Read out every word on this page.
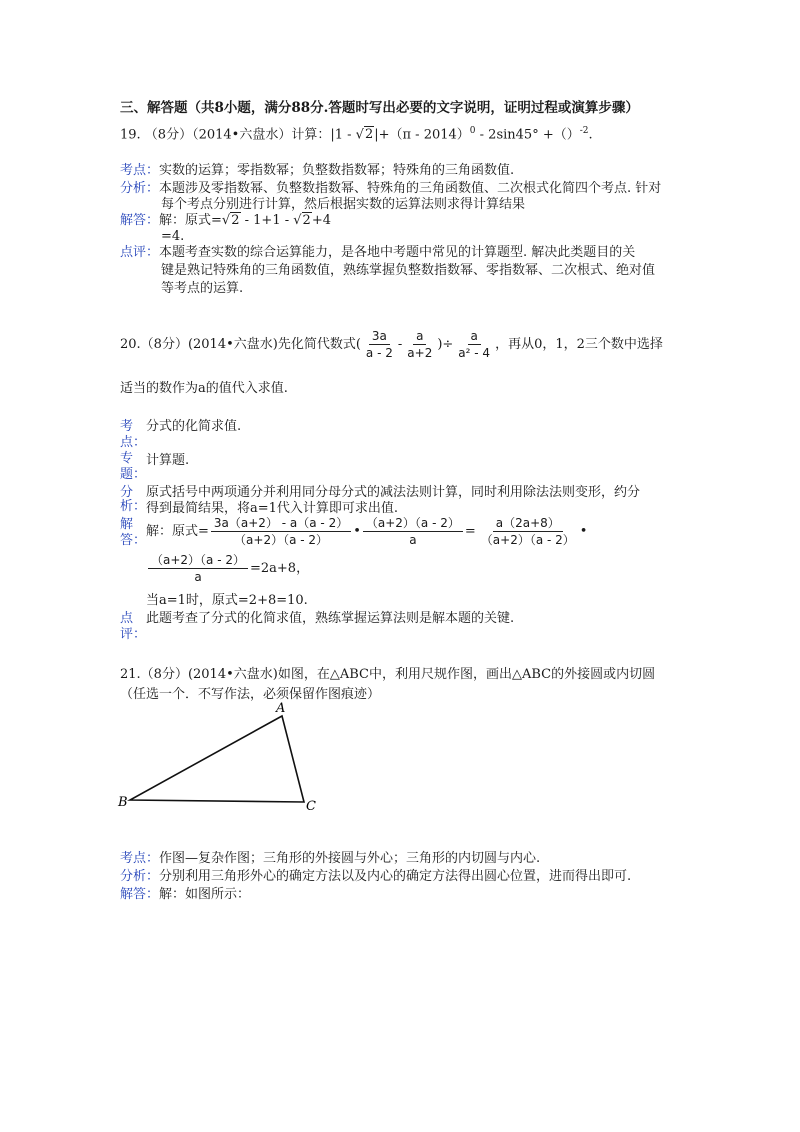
三、解答题（共8小题，满分88分.答题时写出必要的文字说明，证明过程或演算步骤）
19. （8分）（2014•六盘水）计算：|1 - √2|+（π - 2014）$^0$ - 2sin45° +（）$^{-2}$.
考点：实数的运算；零指数幂；负整数指数幂；特殊角的三角函数值.
分析：本题涉及零指数幂、负整数指数幂、特殊角的三角函数值、二次根式化简四个考点. 针对
每个考点分别进行计算，然后根据实数的运算法则求得计算结果
解答：解：原式=√2 - 1+1 - √2+4
=4.
点评：本题考查实数的综合运算能力，是各地中考题中常见的计算题型. 解决此类题目的关
键是熟记特殊角的三角函数值，熟练掌握负整数指数幂、零指数幂、二次根式、绝对值
等考点的运算.
20.（8分）(2014•六盘水)先化简代数式( $\frac{3a}{a - 2} - \frac{a}{a+2}$ )÷ $\frac{a}{\text{a² - 4}}$ ，再从0，1，2三个数中选择
适当的数作为a的值代入求值.
考
点：
分式的化简求值.
专
题：
计算题.
分
析：
原式括号中两项通分并利用同分母分式的减法法则计算，同时利用除法法则变形，约分
得到最简结果，将a=1代入计算即可求出值.
解
答：
解：原式= $\frac{3a(a+2) - a(a - 2)}{(a+2)(a - 2)}$ • $\frac{(a+2)(a - 2)}{a} = \frac{a(2a+8)}{(a+2)(a - 2)}$ •
$\frac{(a+2)(a - 2)}{a} =2a+8$，
当a=1时，原式=2+8=10.
点
评：
此题考查了分式的化简求值，熟练掌握运算法则是解本题的关键.
21.（8分）(2014•六盘水)如图，在△ABC中，利用尺规作图，画出△ABC的外接圆或内切圆
（任选一个．不写作法，必须保留作图痕迹）
A
B	C
考点：作图—复杂作图；三角形的外接圆与外心；三角形的内切圆与内心.
分析：分别利用三角形外心的确定方法以及内心的确定方法得出圆心位置，进而得出即可.
解答：解：如图所示：
